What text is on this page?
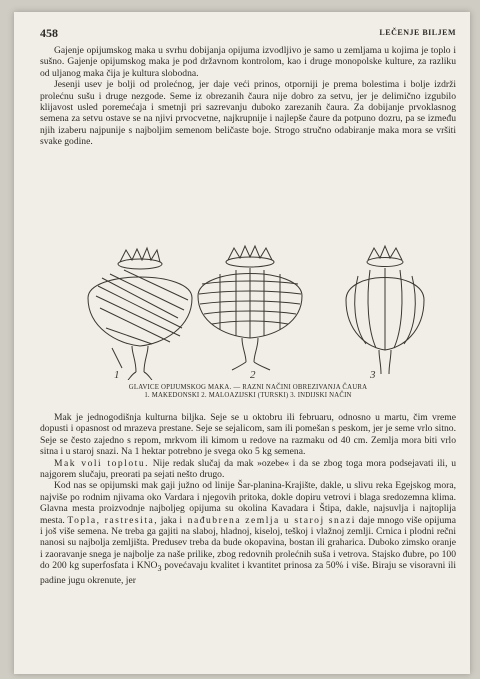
458	LEČENJE BILJEM

Gajenje opijumskog maka u svrhu dobijanja opijuma izvodljivo je samo u zemljama u kojima je toplo i sušno. Gajenje opijumskog maka je pod državnom kontrolom, kao i druge monopolske kulture, za razliku od uljanog maka čija je kultura slobodna.

Jesenji usev je bolji od prolećnog, jer daje veći prinos, otporniji je prema bolestima i bolje izdrži prolećnu sušu i druge nezgode. Seme iz obrezanih čaura nije dobro za setvu, jer je delimično izgubilo klijavost usled poremećaja i smetnji pri sazrevanju duboko zarezanih čaura. Za dobijanje prvoklasnog semena za setvu ostave se na njivi prvocvetne, najkrupnije i najlepše čaure da potpuno dozru, pa se između njih izaberu najpunije s najboljim semenom beličaste boje. Strogo stručno odabiranje maka mora se vršiti svake godine.

1	2	3
GLAVICE OPIJUMSKOG MAKA. — RAZNI NAČINI OBREZIVANJA ČAURA
1. MAKEDONSKI 2. MALOAZIJSKI (TURSKI) 3. INDIJSKI NAČIN

Mak je jednogodišnja kulturna biljka. Seje se u oktobru ili februaru, odnosno u martu, čim vreme dopusti i opasnost od mrazeva prestane. Seje se sejalicom, sam ili pomešan s peskom, jer je seme vrlo sitno. Seje se često zajedno s repom, mrkvom ili kimom u redove na razmaku od 40 cm. Zemlja mora biti vrlo sitna i u staroj snazi. Na 1 hektar potrebno je svega oko 5 kg semena.

Mak voli toplotu. Nije redak slučaj da mak »ozebe« i da se zbog toga mora podsejavati ili, u najgorem slučaju, preorati pa sejati nešto drugo.

Kod nas se opijumski mak gaji južno od linije Šar-planina-Krajište, dakle, u slivu reka Egejskog mora, najviše po rodnim njivama oko Vardara i njegovih pritoka, dokle dopiru vetrovi i blaga sredozemna klima. Glavna mesta proizvodnje najboljeg opijuma su okolina Kavadara i Štipa, dakle, najsuvlja i najtoplija mesta. Topla, rastresita, jaka i nađubrena zemlja u staroj snazi daje mnogo više opijuma i još više semena. Ne treba ga gajiti na slaboj, hladnoj, kiseloj, teškoj i vlažnoj zemlji. Crnica i plodni rečni nanosi su najbolja zemljišta. Predusev treba da bude okopavina, bostan ili graharica. Duboko zimsko oranje i zaoravanje snega je najbolje za naše prilike, zbog redovnih prolećnih suša i vetrova. Stajsko đubre, po 100 do 200 kg superfosfata i $KNO_3$ povećavaju kvalitet i kvantitet prinosa za 50% i više. Biraju se visoravni ili padine jugu okrenute, jer
